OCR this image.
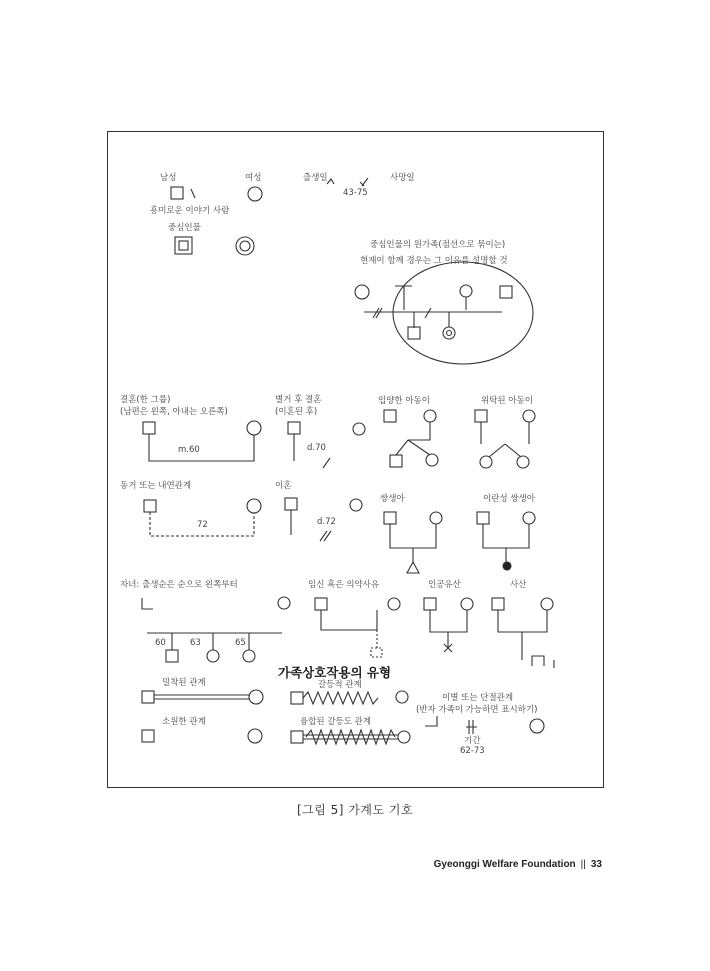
남성	여성	출생일	사망일
43-75
흥미로운 이야기 사람
중심인물
중심인물의 원가족(점선으로 묶이는)
현재이 함께 경우는 그 이유를 설명할 것
결혼(한 그룹)
(남편은 왼쪽, 아내는 오른쪽)
m.60
별거 후 결혼
(이혼된 후)
d.70
입양한 아동이	위탁된 아동이
동거 또는 내연관계
72
이혼
d.72
쌍생아	이란성 쌍생아
자녀: 출생순은 순으로 왼쪽부터
60	63	65
임신 혹은 의약사유	인공유산	사산
가족상호작용의 유형
밀착된 관계	갈등적 관계
소원한 관계	융합된 갈등도 관계
이별 또는 단절관계
(반자 가족이 가능하면 표시하기)
기간
62-73
[그림 5] 가계도 기호
Gyeonggi Welfare Foundation || 33
